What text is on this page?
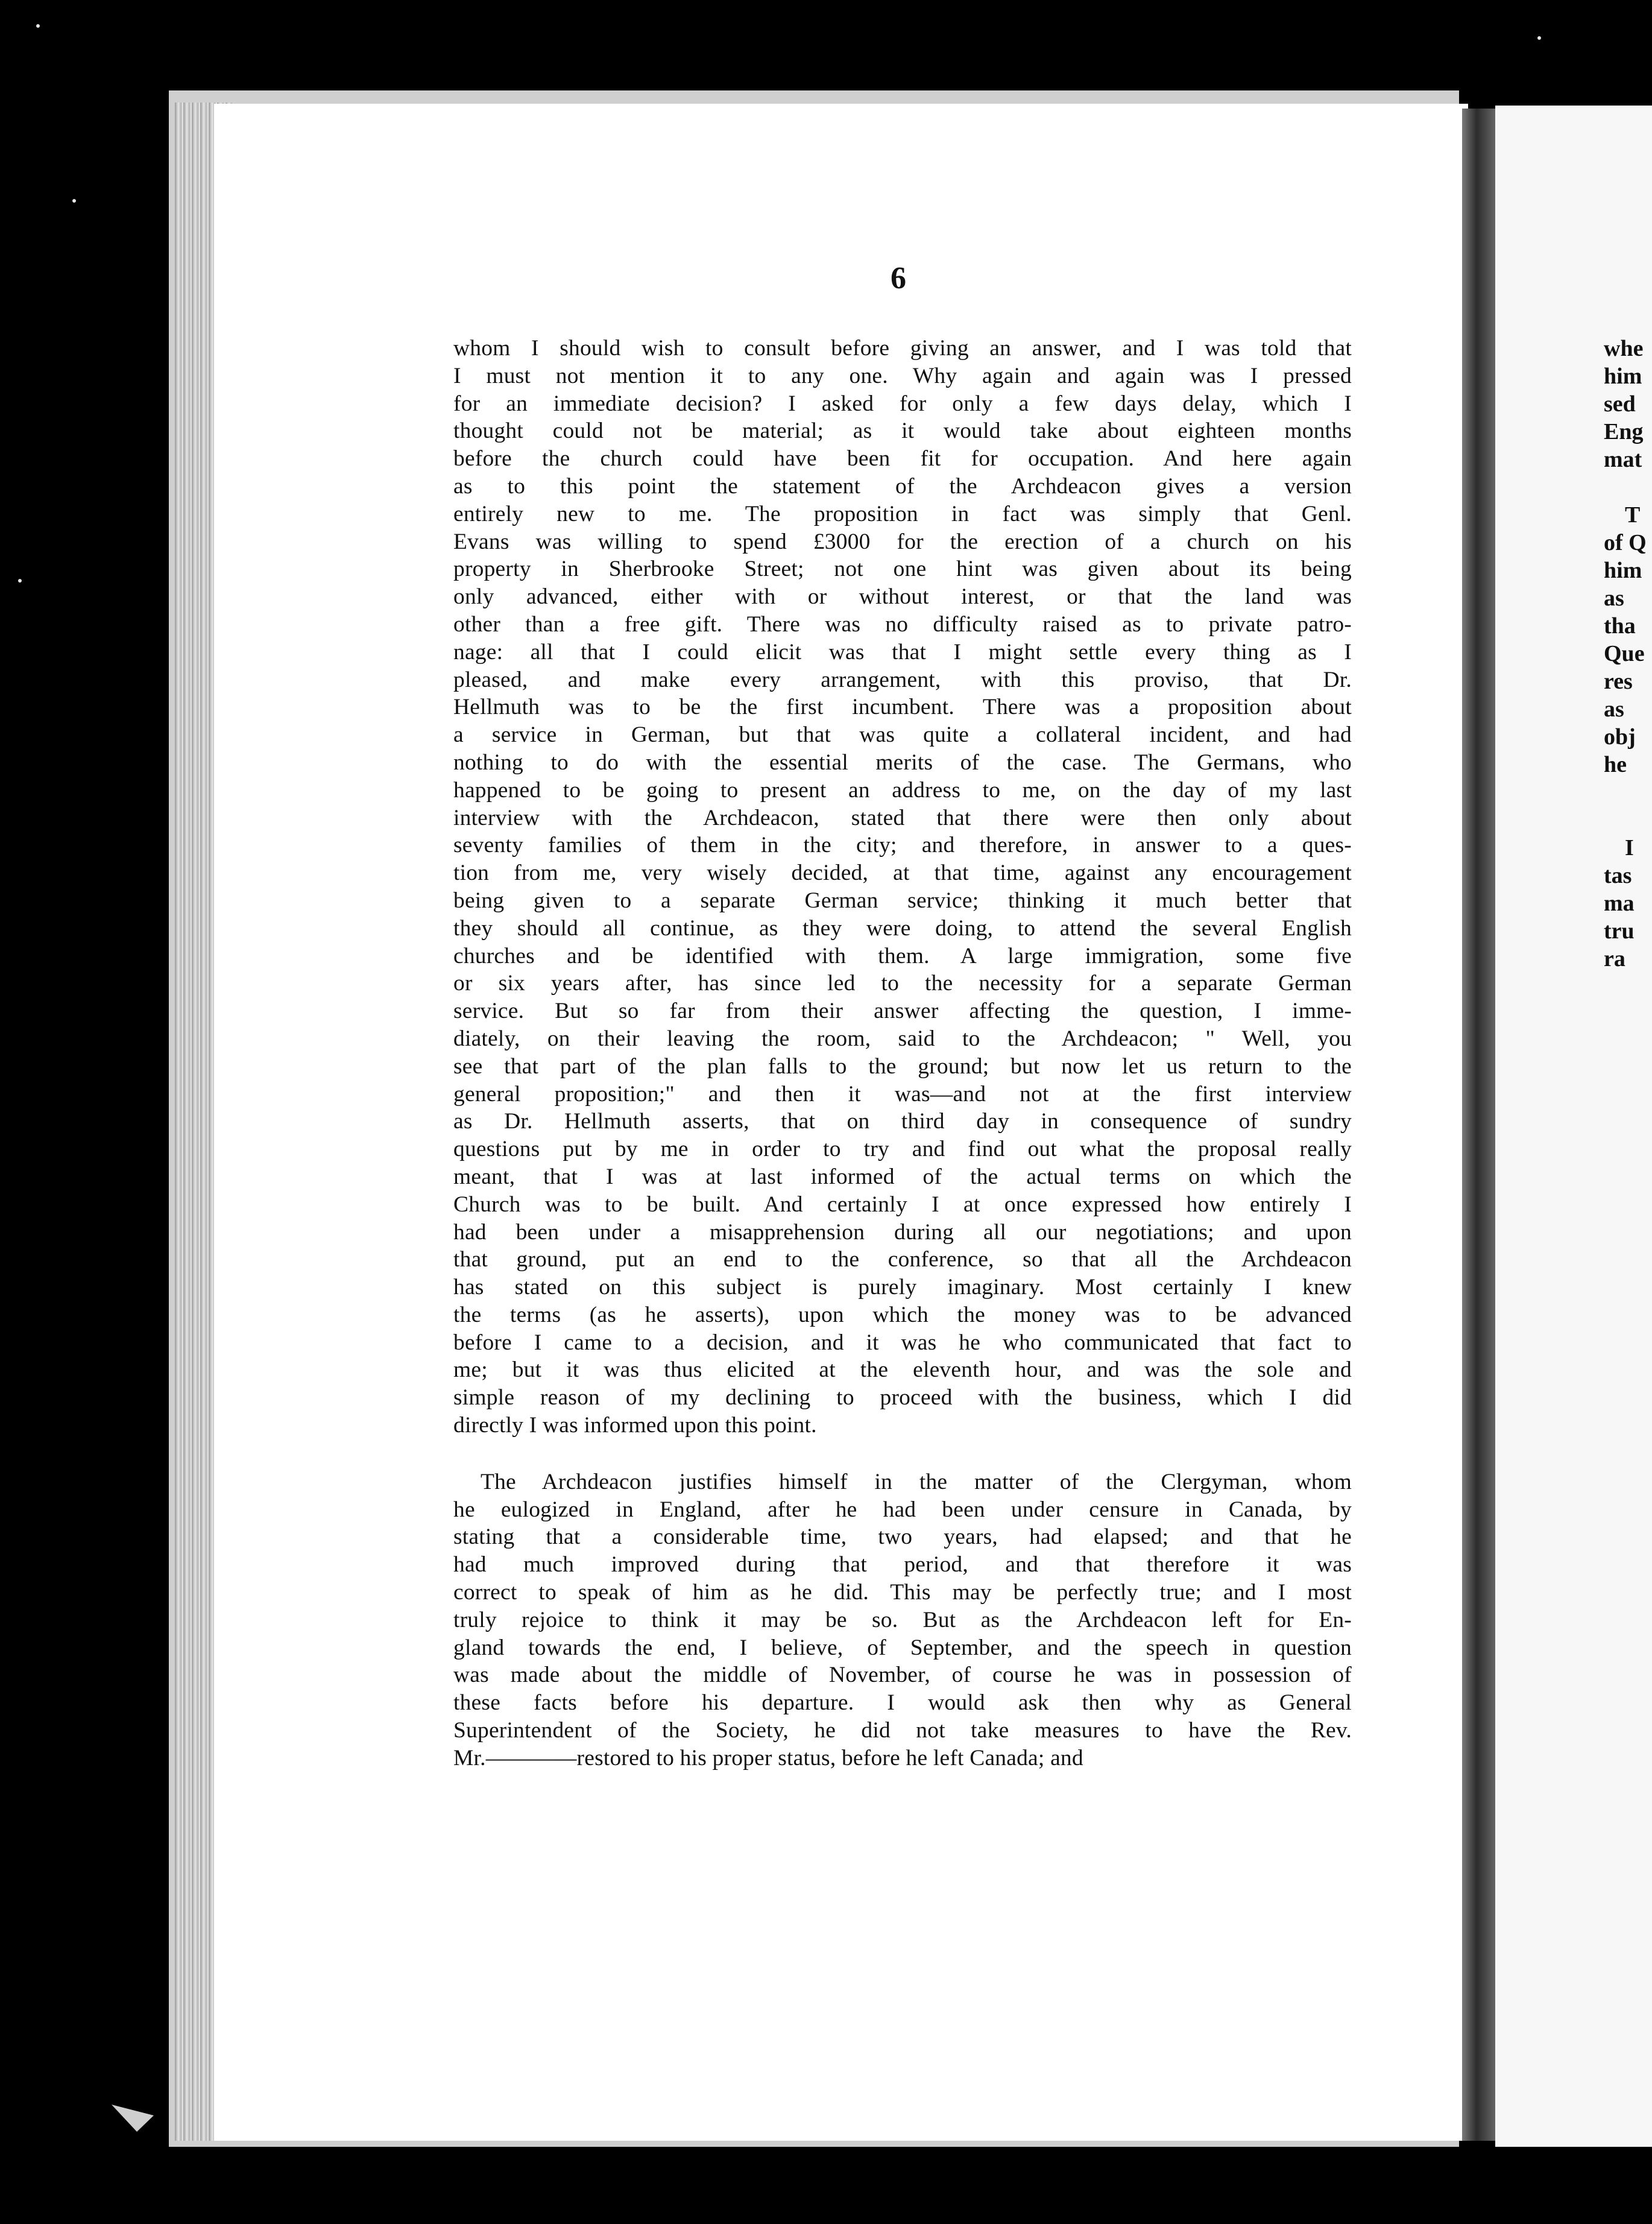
whe
him
sed
Eng
mat
T
of Q
him
as
tha
Que
res
as
obj
he
I
tas
ma
tru
ra
6
whom I should wish to consult before giving an answer, and I was told that
I must not mention it to any one. Why again and again was I pressed
for an immediate decision? I asked for only a few days delay, which I
thought could not be material; as it would take about eighteen months
before the church could have been fit for occupation. And here again
as to this point the statement of the Archdeacon gives a version
entirely new to me. The proposition in fact was simply that Genl.
Evans was willing to spend £3000 for the erection of a church on his
property in Sherbrooke Street; not one hint was given about its being
only advanced, either with or without interest, or that the land was
other than a free gift. There was no difficulty raised as to private patro-
nage: all that I could elicit was that I might settle every thing as I
pleased, and make every arrangement, with this proviso, that Dr.
Hellmuth was to be the first incumbent. There was a proposition about
a service in German, but that was quite a collateral incident, and had
nothing to do with the essential merits of the case. The Germans, who
happened to be going to present an address to me, on the day of my last
interview with the Archdeacon, stated that there were then only about
seventy families of them in the city; and therefore, in answer to a ques-
tion from me, very wisely decided, at that time, against any encouragement
being given to a separate German service; thinking it much better that
they should all continue, as they were doing, to attend the several English
churches and be identified with them. A large immigration, some five
or six years after, has since led to the necessity for a separate German
service. But so far from their answer affecting the question, I imme-
diately, on their leaving the room, said to the Archdeacon; " Well, you
see that part of the plan falls to the ground; but now let us return to the
general proposition;" and then it was—and not at the first interview
as Dr. Hellmuth asserts, that on third day in consequence of sundry
questions put by me in order to try and find out what the proposal really
meant, that I was at last informed of the actual terms on which the
Church was to be built. And certainly I at once expressed how entirely I
had been under a misapprehension during all our negotiations; and upon
that ground, put an end to the conference, so that all the Archdeacon
has stated on this subject is purely imaginary. Most certainly I knew
the terms (as he asserts), upon which the money was to be advanced
before I came to a decision, and it was he who communicated that fact to
me; but it was thus elicited at the eleventh hour, and was the sole and
simple reason of my declining to proceed with the business, which I did
directly I was informed upon this point.
The Archdeacon justifies himself in the matter of the Clergyman, whom
he eulogized in England, after he had been under censure in Canada, by
stating that a considerable time, two years, had elapsed; and that he
had much improved during that period, and that therefore it was
correct to speak of him as he did. This may be perfectly true; and I most
truly rejoice to think it may be so. But as the Archdeacon left for En-
gland towards the end, I believe, of September, and the speech in question
was made about the middle of November, of course he was in possession of
these facts before his departure. I would ask then why as General
Superintendent of the Society, he did not take measures to have the Rev.
Mr.————restored to his proper status, before he left Canada; and
